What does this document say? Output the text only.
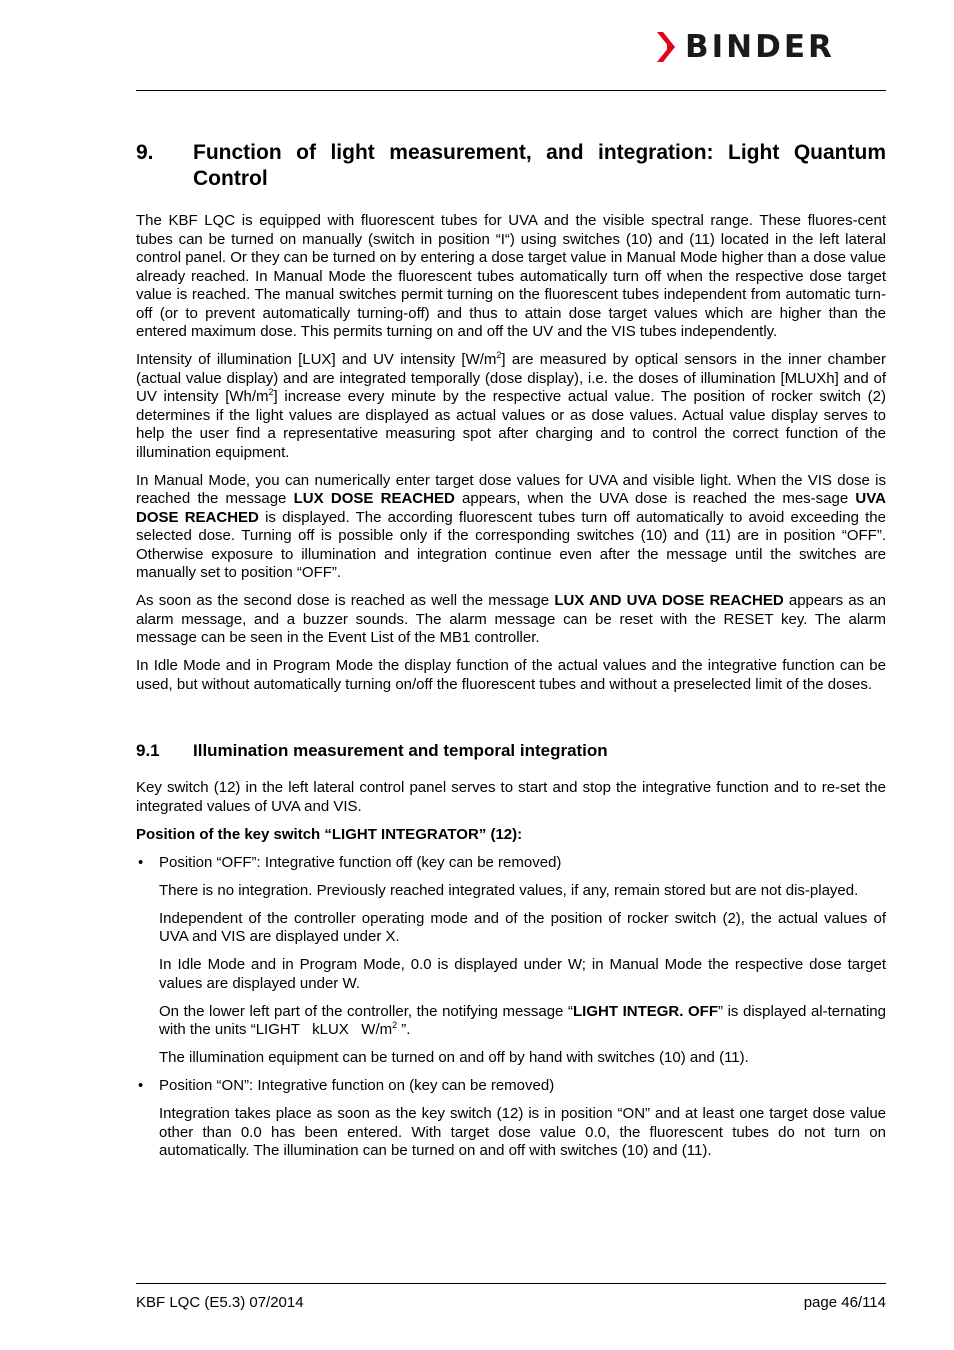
BINDER
9.	Function of light measurement, and integration: Light Quantum Control

The KBF LQC is equipped with fluorescent tubes for UVA and the visible spectral range. These fluores-cent tubes can be turned on manually (switch in position “I“) using switches (10) and (11) located in the left lateral control panel. Or they can be turned on by entering a dose target value in Manual Mode higher than a dose value already reached. In Manual Mode the fluorescent tubes automatically turn off when the respective dose target value is reached. The manual switches permit turning on the fluorescent tubes independent from automatic turn-off (or to prevent automatically turning-off) and thus to attain dose target values which are higher than the entered maximum dose. This permits turning on and off the UV and the VIS tubes independently.

Intensity of illumination [LUX] and UV intensity $[W/m^2]$ are measured by optical sensors in the inner chamber (actual value display) and are integrated temporally (dose display), i.e. the doses of illumination [MLUXh] and of UV intensity $[Wh/m^2]$ increase every minute by the respective actual value. The position of rocker switch (2) determines if the light values are displayed as actual values or as dose values. Actual value display serves to help the user find a representative measuring spot after charging and to control the correct function of the illumination equipment.

In Manual Mode, you can numerically enter target dose values for UVA and visible light. When the VIS dose is reached the message LUX DOSE REACHED appears, when the UVA dose is reached the mes-sage UVA DOSE REACHED is displayed. The according fluorescent tubes turn off automatically to avoid exceeding the selected dose. Turning off is possible only if the corresponding switches (10) and (11) are in position “OFF”. Otherwise exposure to illumination and integration continue even after the message until the switches are manually set to position “OFF”.

As soon as the second dose is reached as well the message LUX AND UVA DOSE REACHED appears as an alarm message, and a buzzer sounds. The alarm message can be reset with the RESET key. The alarm message can be seen in the Event List of the MB1 controller.

In Idle Mode and in Program Mode the display function of the actual values and the integrative function can be used, but without automatically turning on/off the fluorescent tubes and without a preselected limit of the doses.

9.1	Illumination measurement and temporal integration

Key switch (12) in the left lateral control panel serves to start and stop the integrative function and to re-set the integrated values of UVA and VIS.

Position of the key switch “LIGHT INTEGRATOR” (12):

• Position “OFF”: Integrative function off (key can be removed)

There is no integration. Previously reached integrated values, if any, remain stored but are not dis-played.

Independent of the controller operating mode and of the position of rocker switch (2), the actual values of UVA and VIS are displayed under X.

In Idle Mode and in Program Mode, 0.0 is displayed under W; in Manual Mode the respective dose target values are displayed under W.

On the lower left part of the controller, the notifying message “LIGHT INTEGR. OFF” is displayed al-ternating with the units “LIGHT   kLUX   $W/m^2$ ”.

The illumination equipment can be turned on and off by hand with switches (10) and (11).

• Position “ON”: Integrative function on (key can be removed)

Integration takes place as soon as the key switch (12) is in position “ON” and at least one target dose value other than 0.0 has been entered. With target dose value 0.0, the fluorescent tubes do not turn on automatically. The illumination can be turned on and off with switches (10) and (11).

KBF LQC (E5.3) 07/2014	page 46/114
